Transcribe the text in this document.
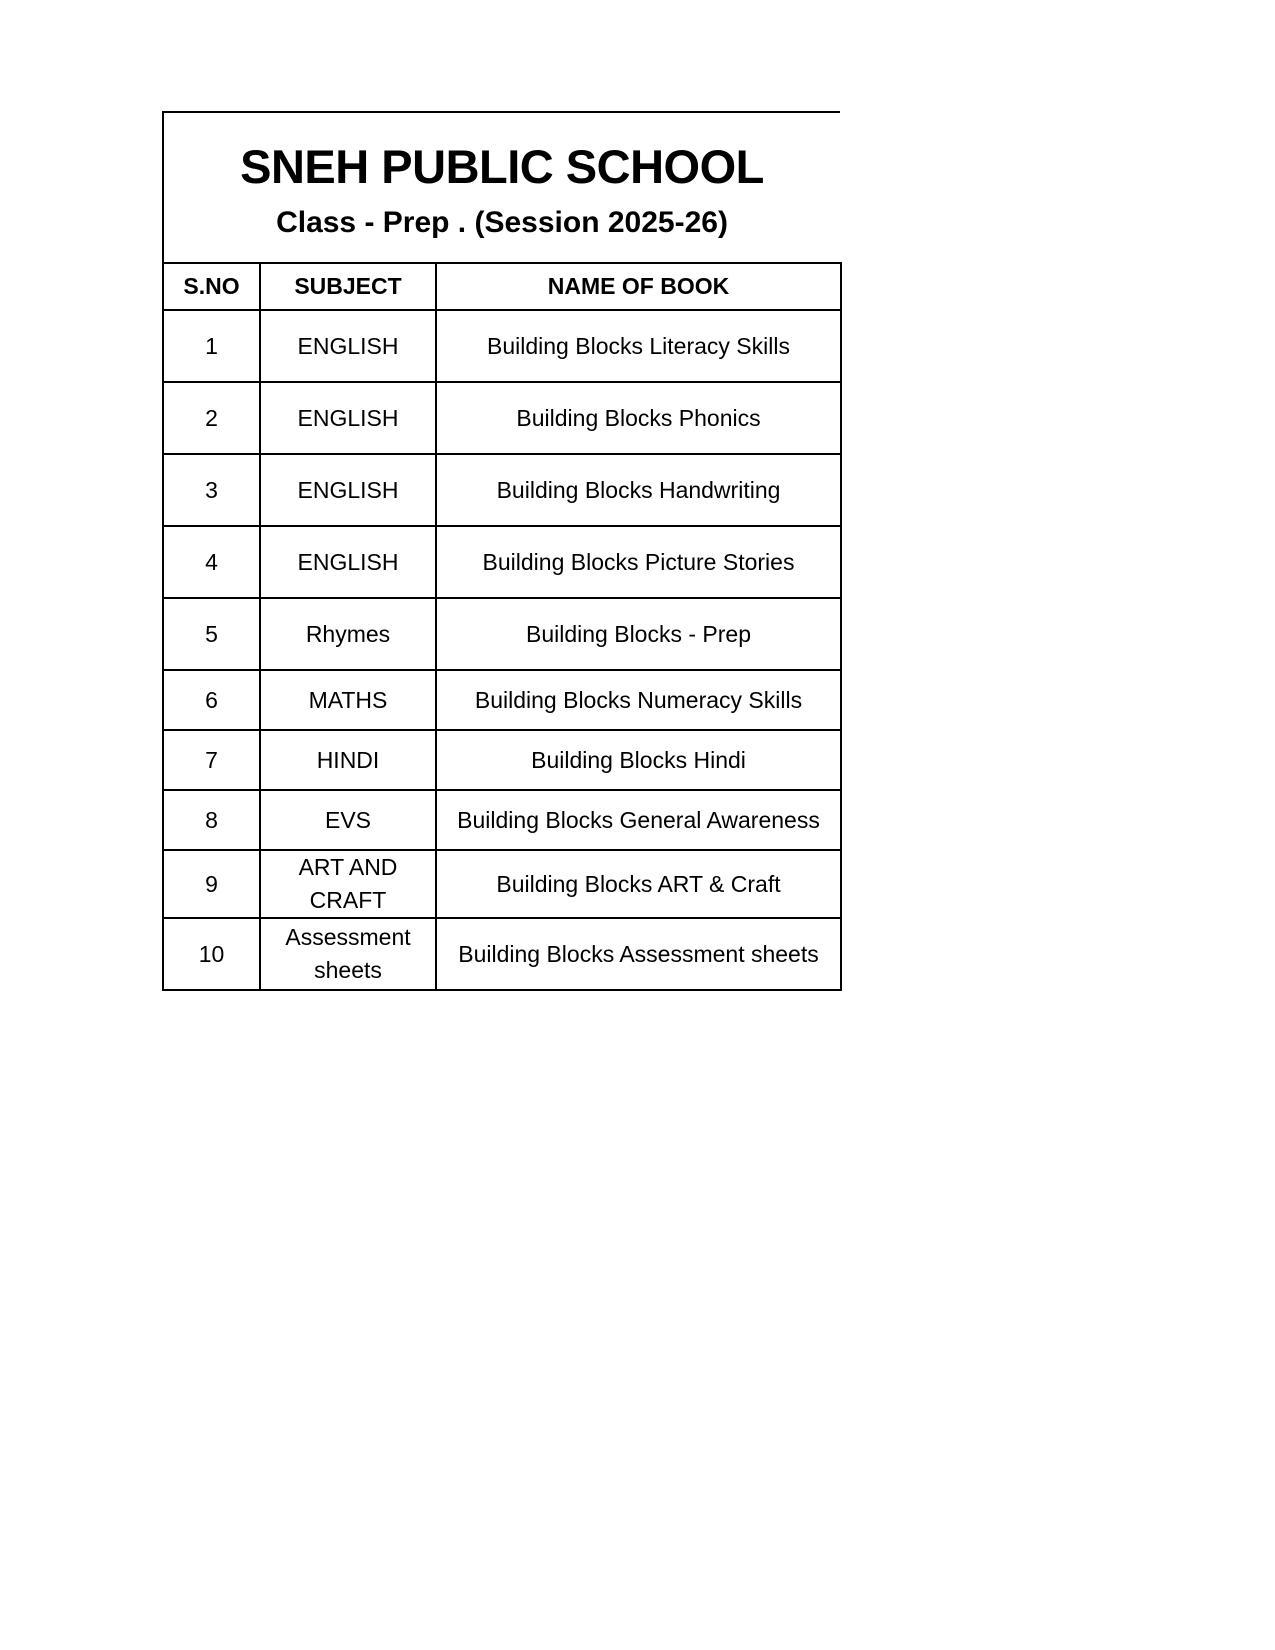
SNEH PUBLIC SCHOOL
Class - Prep . (Session 2025-26)
S.NO	SUBJECT	NAME OF BOOK
1	ENGLISH	Building Blocks Literacy Skills
2	ENGLISH	Building Blocks Phonics
3	ENGLISH	Building Blocks Handwriting
4	ENGLISH	Building Blocks Picture Stories
5	Rhymes	Building Blocks - Prep
6	MATHS	Building Blocks Numeracy Skills
7	HINDI	Building Blocks Hindi
8	EVS	Building Blocks General Awareness
9	ART AND CRAFT	Building Blocks ART & Craft
10	Assessment sheets	Building Blocks Assessment sheets
